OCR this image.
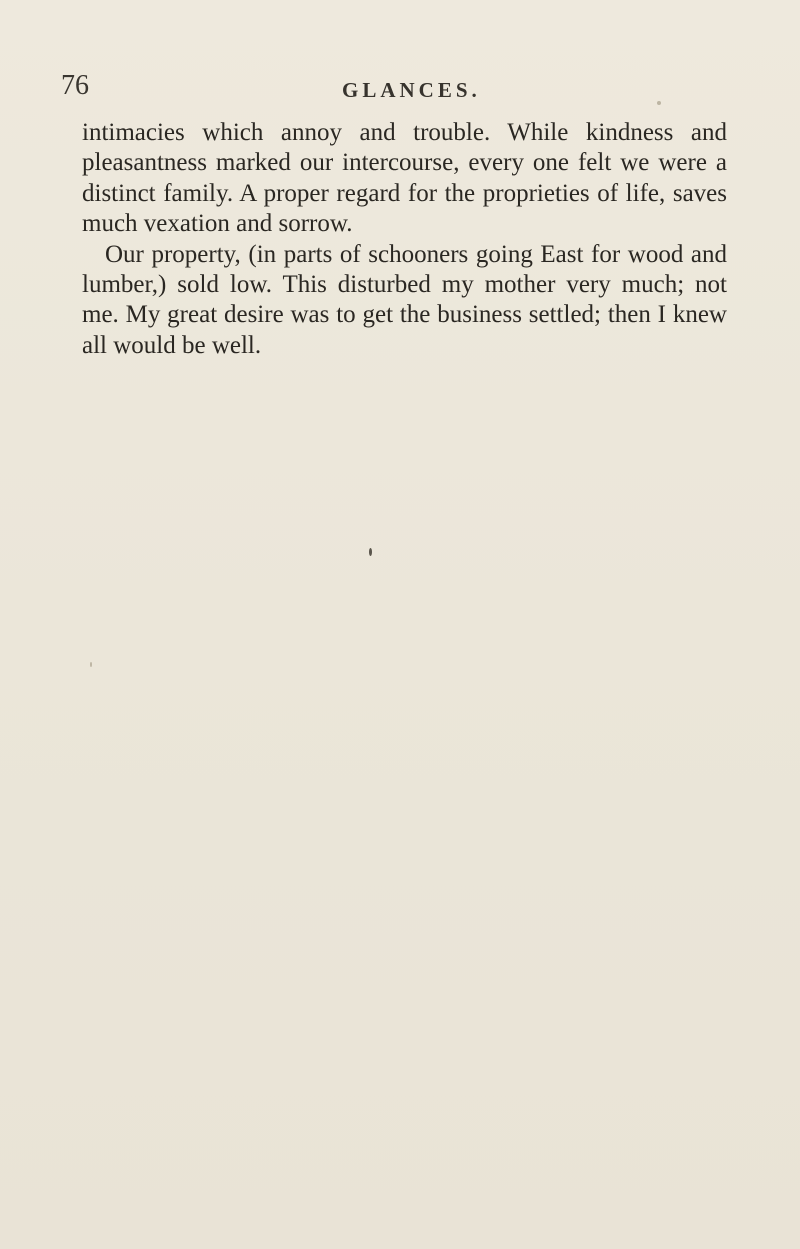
76	GLANCES.

intimacies which annoy and trouble. While kindness and pleasantness marked our intercourse, every one felt we were a distinct family. A proper regard for the proprieties of life, saves much vexation and sorrow.

Our property, (in parts of schooners going East for wood and lumber,) sold low. This disturbed my mother very much; not me. My great desire was to get the business settled; then I knew all would be well.
